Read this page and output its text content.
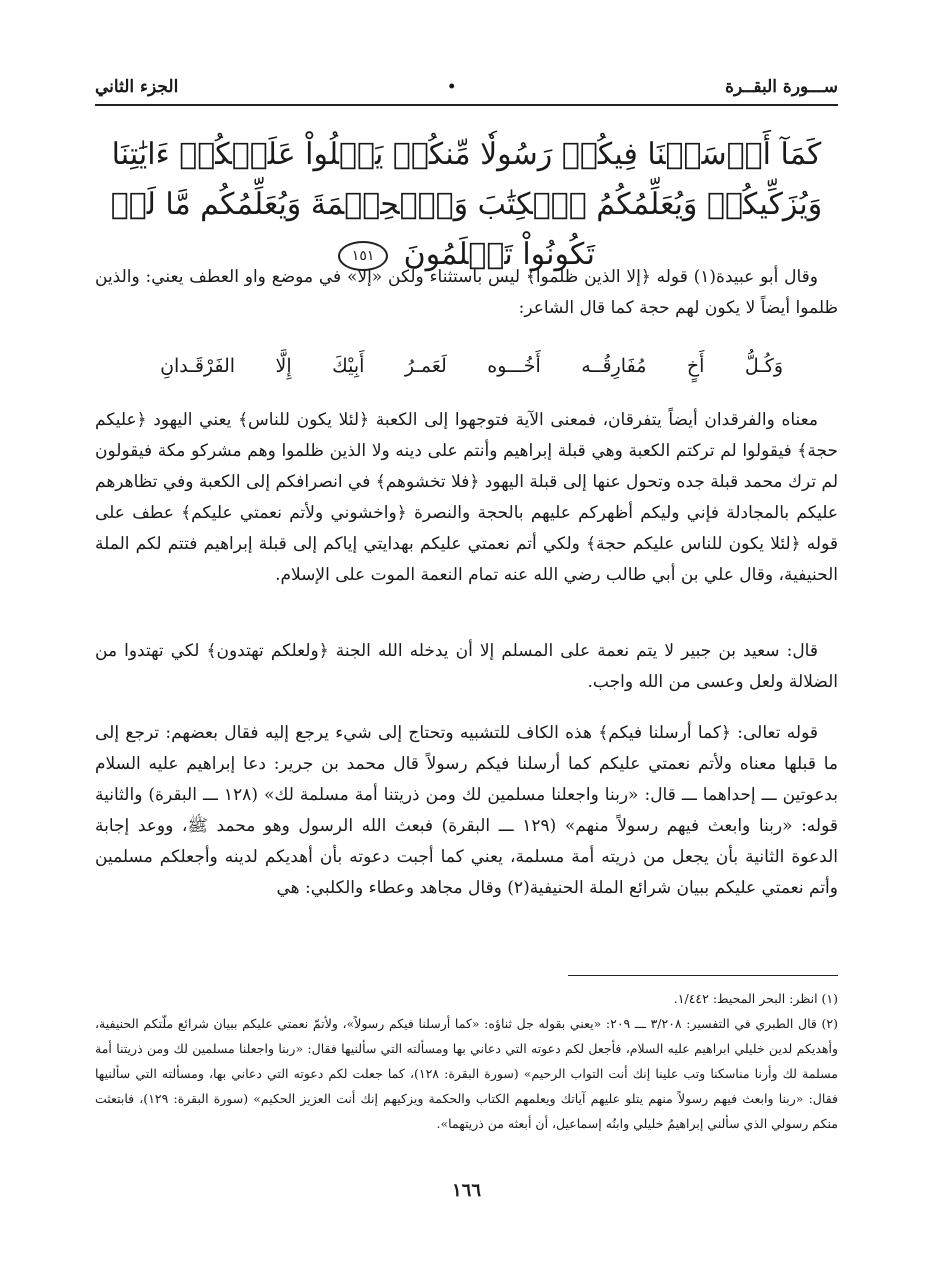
ســـورة البقــرة
•
الجزء الثاني
كَمَآ أَرۡسَلۡنَا فِيكُمۡ رَسُولٗا مِّنكُمۡ يَتۡلُواْ عَلَيۡكُمۡ ءَايَٰتِنَا وَيُزَكِّيكُمۡ وَيُعَلِّمُكُمُ ٱلۡكِتَٰبَ وَٱلۡحِكۡمَةَ وَيُعَلِّمُكُم مَّا لَمۡ تَكُونُواْ تَعۡلَمُونَ ١٥١

وقال أبو عبيدة(١) قوله ﴿إلا الذين ظلموا﴾ ليس باستثناء ولكن «إلا» في موضع واو العطف يعني: والذين ظلموا أيضاً لا يكون لهم حجة كما قال الشاعر:

وَكُـلُّ
أَخٍ
مُفَارِقُــه
أَخُـــوه
لَعَمـرُ
أَبِيْكَ
إِلَّا
الفَرْقَـدانِ

معناه والفرقدان أيضاً يتفرقان، فمعنى الآية فتوجهوا إلى الكعبة ﴿لئلا يكون للناس﴾ يعني اليهود ﴿عليكم حجة﴾ فيقولوا لم تركتم الكعبة وهي قبلة إبراهيم وأنتم على دينه ولا الذين ظلموا وهم مشركو مكة فيقولون لم ترك محمد قبلة جده وتحول عنها إلى قبلة اليهود ﴿فلا تخشوهم﴾ في انصرافكم إلى الكعبة وفي تظاهرهم عليكم بالمجادلة فإني وليكم أظهركم عليهم بالحجة والنصرة ﴿واخشوني ولأتم نعمتي عليكم﴾ عطف على قوله ﴿لئلا يكون للناس عليكم حجة﴾ ولكي أتم نعمتي عليكم بهدايتي إياكم إلى قبلة إبراهيم فتتم لكم الملة الحنيفية، وقال علي بن أبي طالب رضي الله عنه تمام النعمة الموت على الإسلام.

قال: سعيد بن جبير لا يتم نعمة على المسلم إلا أن يدخله الله الجنة ﴿ولعلكم تهتدون﴾ لكي تهتدوا من الضلالة ولعل وعسى من الله واجب.

قوله تعالى: ﴿كما أرسلنا فيكم﴾ هذه الكاف للتشبيه وتحتاج إلى شيء يرجع إليه فقال بعضهم: ترجع إلى ما قبلها معناه ولأتم نعمتي عليكم كما أرسلنا فيكم رسولاً قال محمد بن جرير: دعا إبراهيم عليه السلام بدعوتين ـــ إحداهما ـــ قال: «ربنا واجعلنا مسلمين لك ومن ذريتنا أمة مسلمة لك» (١٢٨ ـــ البقرة) والثانية قوله: «ربنا وابعث فيهم رسولاً منهم» (١٢٩ ـــ البقرة) فبعث الله الرسول وهو محمد ﷺ، ووعد إجابة الدعوة الثانية بأن يجعل من ذريته أمة مسلمة، يعني كما أجبت دعوته بأن أهديكم لدينه وأجعلكم مسلمين وأتم نعمتي عليكم ببيان شرائع الملة الحنيفية(٢) وقال مجاهد وعطاء والكلبي: هي

(١) انظر: البحر المحيط: ١/٤٤٢.

(٢) قال الطبري في التفسير: ٣/٢٠٨ ـــ ٢٠٩: «يعني بقوله جل ثناؤه: «كما أرسلنا فيكم رسولاً»، ولأتمّ نعمتي عليكم ببيان شرائع ملّتكم الحنيفية، وأهديكم لدين خليلي ابراهيم عليه السلام، فأجعل لكم دعوته التي دعاني بها ومسألته التي سألنيها فقال: «ربنا واجعلنا مسلمين لك ومن ذريتنا أمة مسلمة لك وأرنا مناسكنا وتب علينا إنك أنت التواب الرحيم» (سورة البقرة: ١٢٨)، كما جعلت لكم دعوته التي دعاني بها، ومسألته التي سألنيها فقال: «ربنا وابعث فيهم رسولاً منهم يتلو عليهم آياتك ويعلمهم الكتاب والحكمة ويزكيهم إنك أنت العزيز الحكيم» (سورة البقرة: ١٢٩)، فابتعثت منكم رسولي الذي سألني إبراهيمُ خليلي وابنُه إسماعيل، أن أبعثه من ذريتهما».

١٦٦
